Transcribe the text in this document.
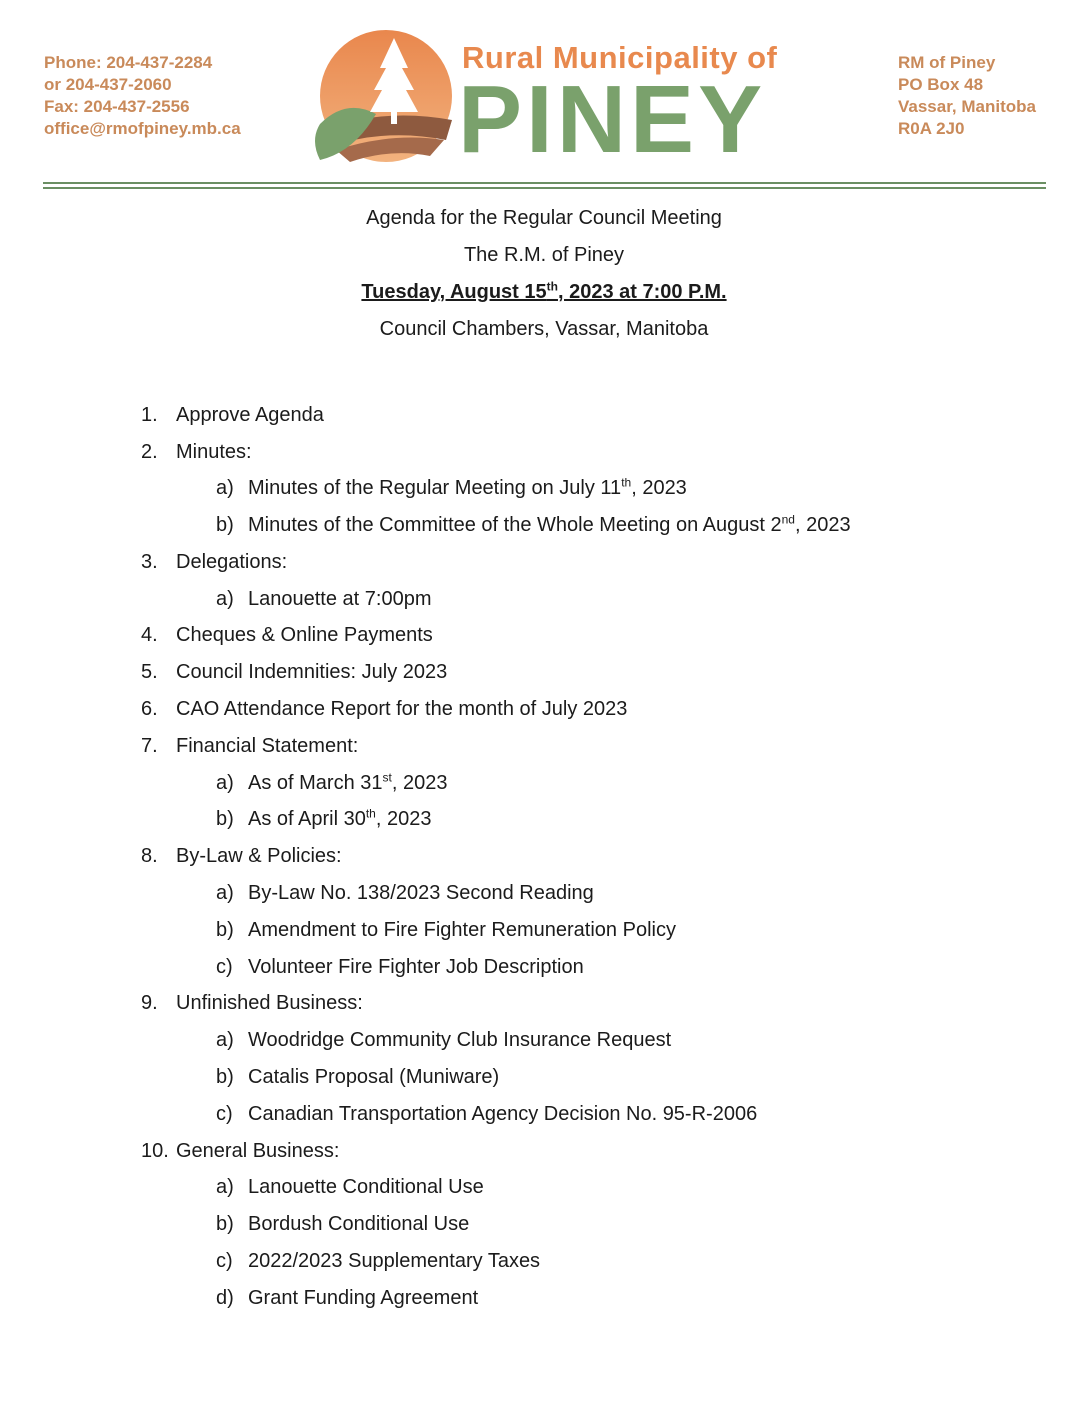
Phone: 204-437-2284
or 204-437-2060
Fax: 204-437-2556
office@rmofpiney.mb.ca
Rural Municipality of
PINEY
RM of Piney
PO Box 48
Vassar, Manitoba
R0A 2J0
Agenda for the Regular Council Meeting
The R.M. of Piney
Tuesday, August 15th, 2023 at 7:00 P.M.
Council Chambers, Vassar, Manitoba
1. Approve Agenda
2. Minutes:
a) Minutes of the Regular Meeting on July 11th, 2023
b) Minutes of the Committee of the Whole Meeting on August 2nd, 2023
3. Delegations:
a) Lanouette at 7:00pm
4. Cheques & Online Payments
5. Council Indemnities: July 2023
6. CAO Attendance Report for the month of July 2023
7. Financial Statement:
a) As of March 31st, 2023
b) As of April 30th, 2023
8. By-Law & Policies:
a) By-Law No. 138/2023 Second Reading
b) Amendment to Fire Fighter Remuneration Policy
c) Volunteer Fire Fighter Job Description
9. Unfinished Business:
a) Woodridge Community Club Insurance Request
b) Catalis Proposal (Muniware)
c) Canadian Transportation Agency Decision No. 95-R-2006
10. General Business:
a) Lanouette Conditional Use
b) Bordush Conditional Use
c) 2022/2023 Supplementary Taxes
d) Grant Funding Agreement
